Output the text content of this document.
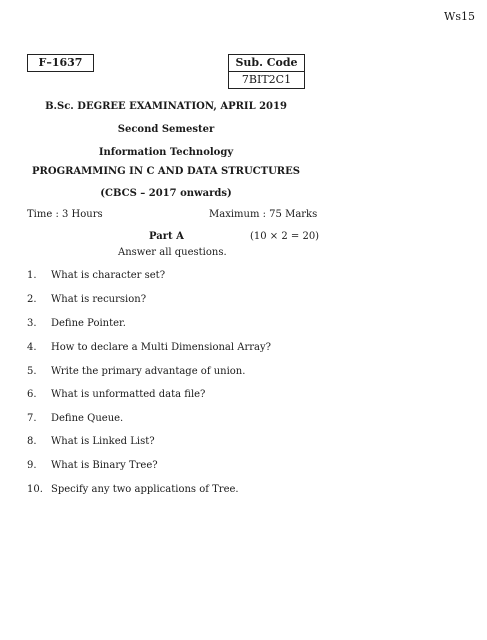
Ws15
F–1637	Sub. Code
7BIT2C1
B.Sc. DEGREE EXAMINATION, APRIL 2019
Second Semester
Information Technology
PROGRAMMING IN C AND DATA STRUCTURES
(CBCS – 2017 onwards)
Time : 3 Hours	Maximum : 75 Marks
Part A	(10 × 2 = 20)
Answer all questions.
1. What is character set?
2. What is recursion?
3. Define Pointer.
4. How to declare a Multi Dimensional Array?
5. Write the primary advantage of union.
6. What is unformatted data file?
7. Define Queue.
8. What is Linked List?
9. What is Binary Tree?
10. Specify any two applications of Tree.
